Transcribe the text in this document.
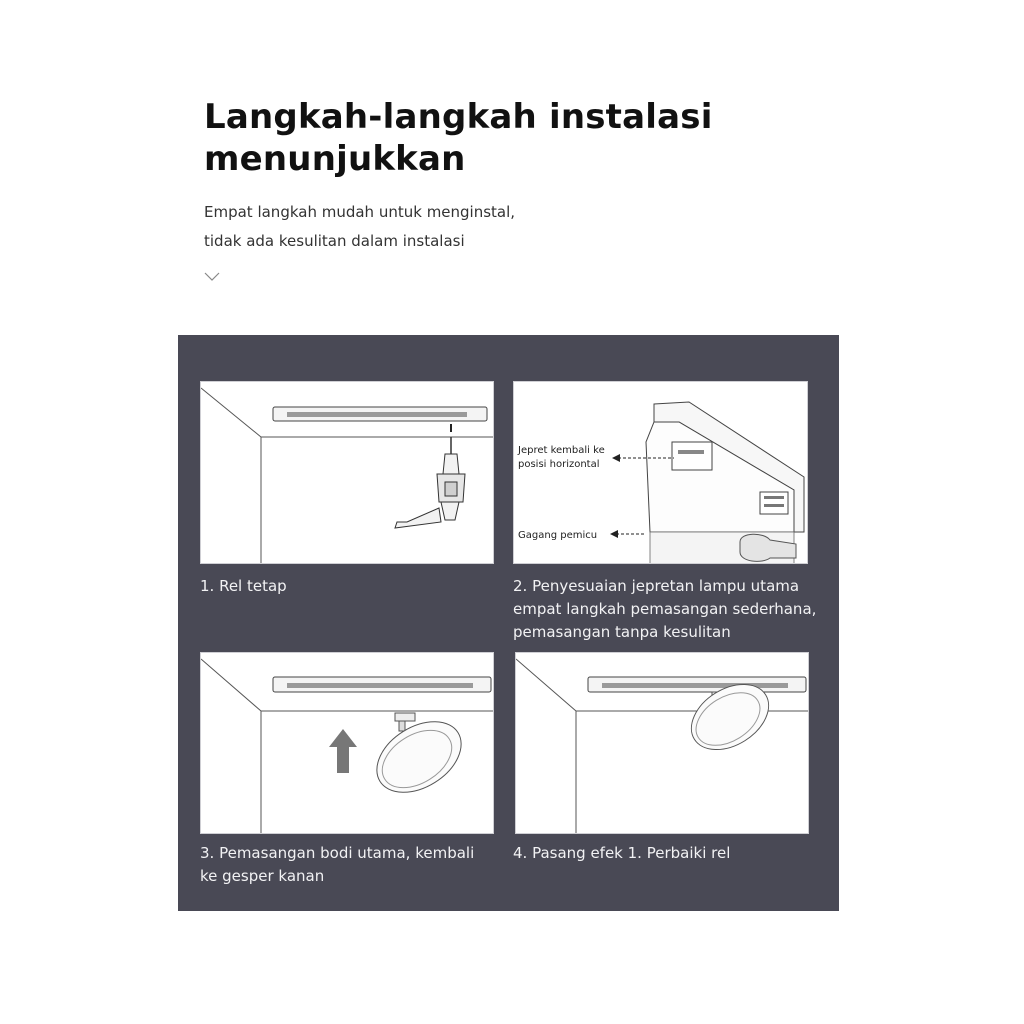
Langkah-langkah instalasi
menunjukkan
Empat langkah mudah untuk menginstal,
tidak ada kesulitan dalam instalasi
1. Rel tetap
Jepret kembali ke
posisi horizontal
Gagang pemicu
2. Penyesuaian jepretan lampu utama
empat langkah pemasangan sederhana,
pemasangan tanpa kesulitan
3. Pemasangan bodi utama, kembali
ke gesper kanan
4. Pasang efek 1. Perbaiki rel
